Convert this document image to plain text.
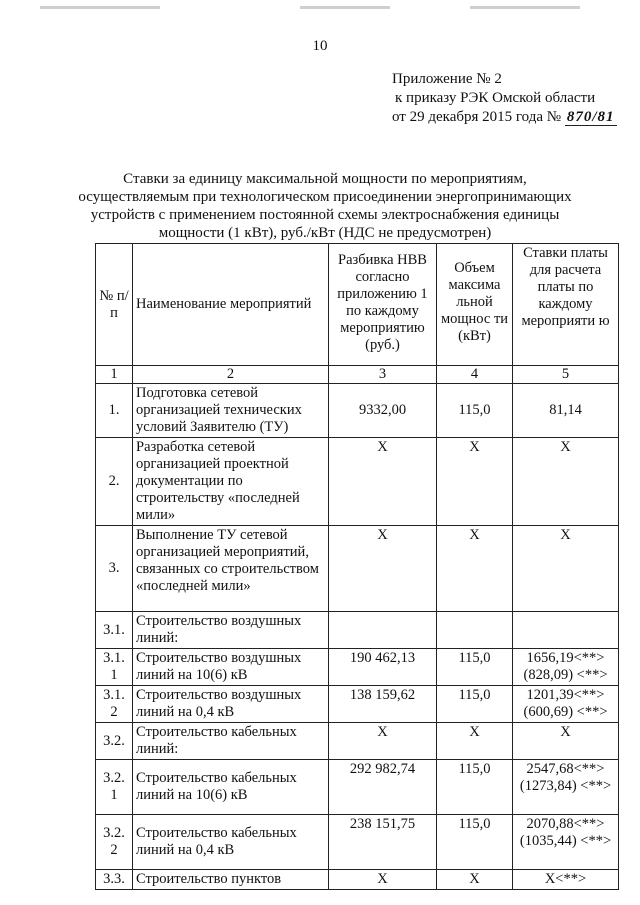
10
Приложение № 2
к приказу РЭК Омской области
от 29 декабря 2015 года № 870/81
Ставки за единицу максимальной мощности по мероприятиям,
осуществляемым при технологическом присоединении энергопринимающих
устройств с применением постоянной схемы электроснабжения единицы
мощности (1 кВт), руб./кВт (НДС не предусмотрен)
№ п/п	Наименование мероприятий	Разбивка НВВ согласно приложению 1 по каждому мероприятию (руб.)	Объем максима льной мощнос ти (кВт)	Ставки платы для расчета платы по каждому мероприяти ю
1	2	3	4	5
1.	Подготовка сетевой организацией технических условий Заявителю (ТУ)	9332,00	115,0	81,14
2.	Разработка сетевой организацией проектной документации по строительству «последней мили»	Х	Х	Х
3.	Выполнение ТУ сетевой организацией мероприятий, связанных со строительством «последней мили»	Х	Х	Х
3.1.	Строительство воздушных линий:			
3.1. 1	Строительство воздушных линий на 10(6) кВ	190 462,13	115,0	1656,19<**> (828,09) <**>
3.1. 2	Строительство воздушных линий на 0,4 кВ	138 159,62	115,0	1201,39<**> (600,69) <**>
3.2.	Строительство кабельных линий:	Х	Х	Х
3.2. 1	Строительство кабельных линий на 10(6) кВ	292 982,74	115,0	2547,68<**> (1273,84) <**>
3.2. 2	Строительство кабельных линий на 0,4 кВ	238 151,75	115,0	2070,88<**> (1035,44) <**>
3.3.	Строительство пунктов	Х	Х	Х<**>
